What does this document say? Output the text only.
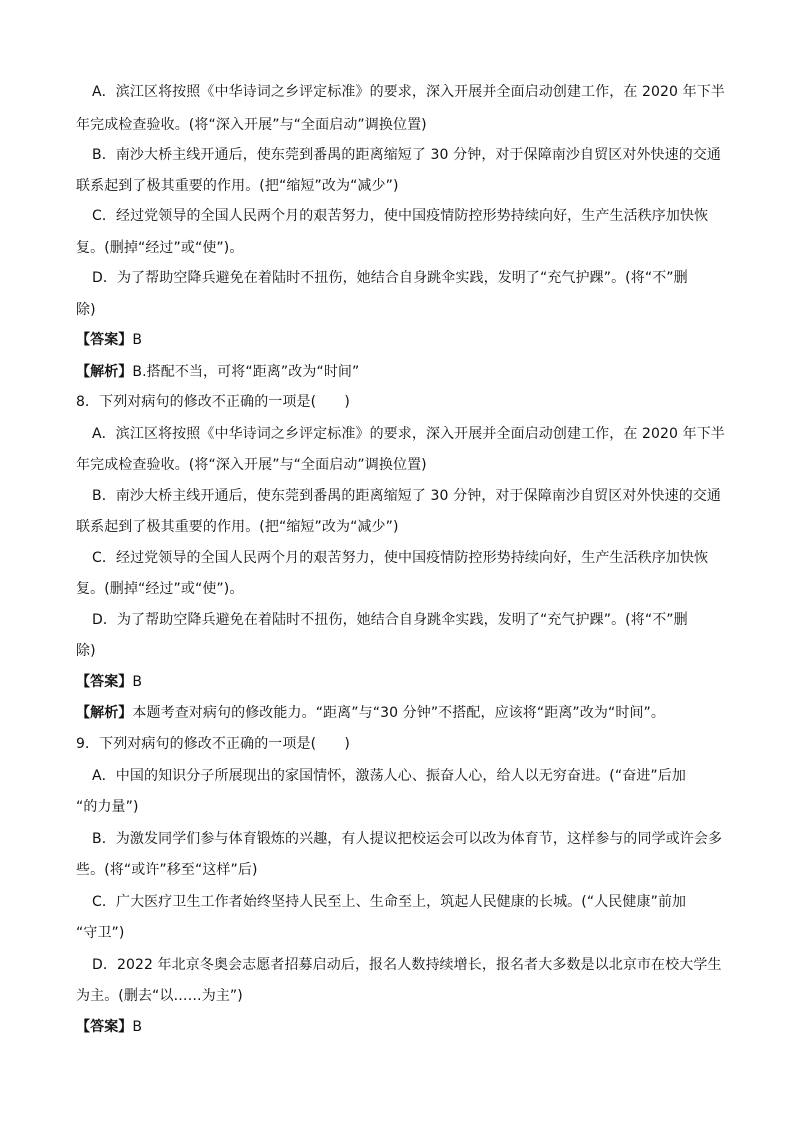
A．滨江区将按照《中华诗词之乡评定标准》的要求，深入开展并全面启动创建工作，在 2020 年下半
年完成检查验收。(将“深入开展”与“全面启动”调换位置)
B．南沙大桥主线开通后，使东莞到番禺的距离缩短了 30 分钟，对于保障南沙自贸区对外快速的交通
联系起到了极其重要的作用。(把“缩短”改为“减少”)
C．经过党领导的全国人民两个月的艰苦努力，使中国疫情防控形势持续向好，生产生活秩序加快恢
复。(删掉“经过”或“使”)。
D．为了帮助空降兵避免在着陆时不扭伤，她结合自身跳伞实践，发明了“充气护踝”。(将“不”删
除)
【答案】B
【解析】B.搭配不当，可将“距离”改为“时间”
8．下列对病句的修改不正确的一项是(　　)
A．滨江区将按照《中华诗词之乡评定标准》的要求，深入开展并全面启动创建工作，在 2020 年下半
年完成检查验收。(将“深入开展”与“全面启动”调换位置)
B．南沙大桥主线开通后，使东莞到番禺的距离缩短了 30 分钟，对于保障南沙自贸区对外快速的交通
联系起到了极其重要的作用。(把“缩短”改为“减少”)
C．经过党领导的全国人民两个月的艰苦努力，使中国疫情防控形势持续向好，生产生活秩序加快恢
复。(删掉“经过”或“使”)。
D．为了帮助空降兵避免在着陆时不扭伤，她结合自身跳伞实践，发明了“充气护踝”。(将“不”删
除)
【答案】B
【解析】本题考查对病句的修改能力。“距离”与“30 分钟”不搭配，应该将“距离”改为“时间”。
9．下列对病句的修改不正确的一项是(　　)
A．中国的知识分子所展现出的家国情怀，激荡人心、振奋人心，给人以无穷奋进。(“奋进”后加
“的力量”)
B．为激发同学们参与体育锻炼的兴趣，有人提议把校运会可以改为体育节，这样参与的同学或许会多
些。(将“或许”移至“这样”后)
C．广大医疗卫生工作者始终坚持人民至上、生命至上，筑起人民健康的长城。(“人民健康”前加
“守卫”)
D．2022 年北京冬奥会志愿者招募启动后，报名人数持续增长，报名者大多数是以北京市在校大学生
为主。(删去“以……为主”)
【答案】B
